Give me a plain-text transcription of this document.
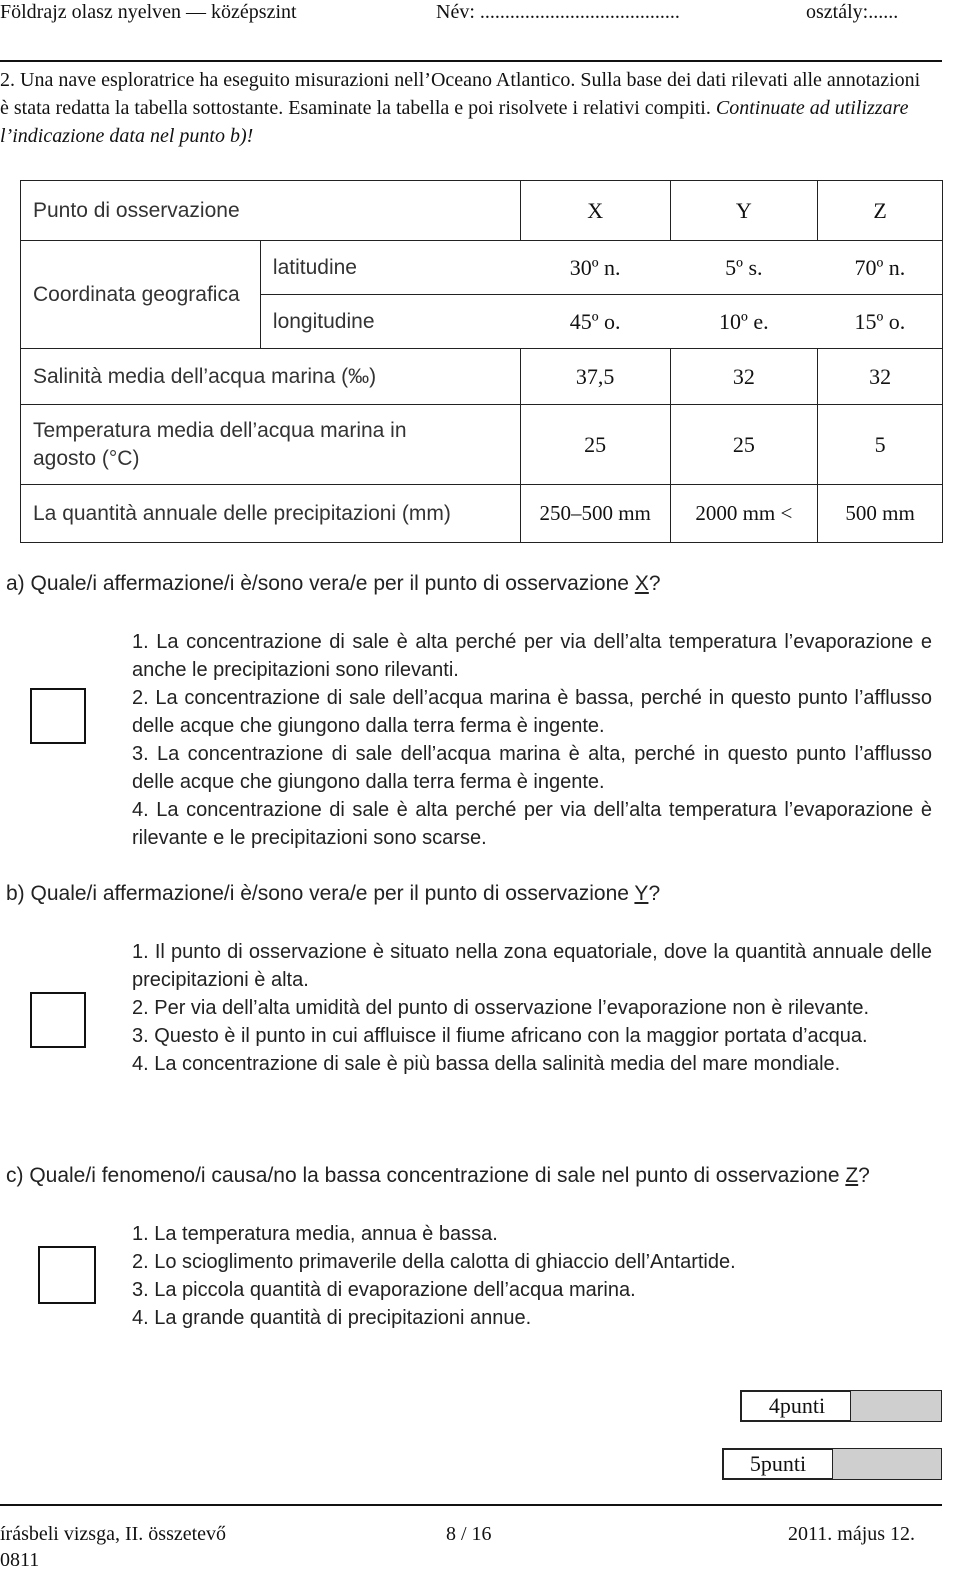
Földrajz olasz nyelven — középszint	Név: ........................................	osztály:......
2. Una nave esploratrice ha eseguito misurazioni nell’Oceano Atlantico. Sulla base dei dati rilevati alle annotazioni è stata redatta la tabella sottostante. Esaminate la tabella e poi risolvete i relativi compiti. Continuate ad utilizzare l’indicazione data nel punto b)!
Punto di osservazione		X	Y	Z
Coordinata geografica	latitudine	30º n.	5º s.	70º n.
	longitudine	45º o.	10º e.	15º o.
Salinità media dell’acqua marina (‰)		37,5	32	32

Temperatura media dell’acqua marina in agosto (°C)		25	25	5
La quantità annuale delle precipitazioni (mm)		250–500 mm	2000 mm <	500 mm
a) Quale/i affermazione/i è/sono vera/e per il punto di osservazione X?
1. La concentrazione di sale è alta perché per via dell’alta temperatura l’evaporazione e anche le precipitazioni sono rilevanti.
2. La concentrazione di sale dell’acqua marina è bassa, perché in questo punto l’afflusso delle acque che giungono dalla terra ferma è ingente.
3. La concentrazione di sale dell’acqua marina è alta, perché in questo punto l’afflusso delle acque che giungono dalla terra ferma è ingente.
4. La concentrazione di sale è alta perché per via dell’alta temperatura l’evaporazione è rilevante e le precipitazioni sono scarse.
b) Quale/i affermazione/i è/sono vera/e per il punto di osservazione Y?
1. Il punto di osservazione è situato nella zona equatoriale, dove la quantità annuale delle precipitazioni è alta.
2. Per via dell’alta umidità del punto di osservazione l’evaporazione non è rilevante.
3. Questo è il punto in cui affluisce il fiume africano con la maggior portata d’acqua.
4. La concentrazione di sale è più bassa della salinità media del mare mondiale.
c) Quale/i fenomeno/i causa/no la bassa concentrazione di sale nel punto di osservazione Z?
1. La temperatura media, annua è bassa.
2. Lo scioglimento primaverile della calotta di ghiaccio dell’Antartide.
3. La piccola quantità di evaporazione dell’acqua marina.
4. La grande quantità di precipitazioni annue.
4punti
5punti
írásbeli vizsga, II. összetevő
0811
8 / 16	2011. május 12.
